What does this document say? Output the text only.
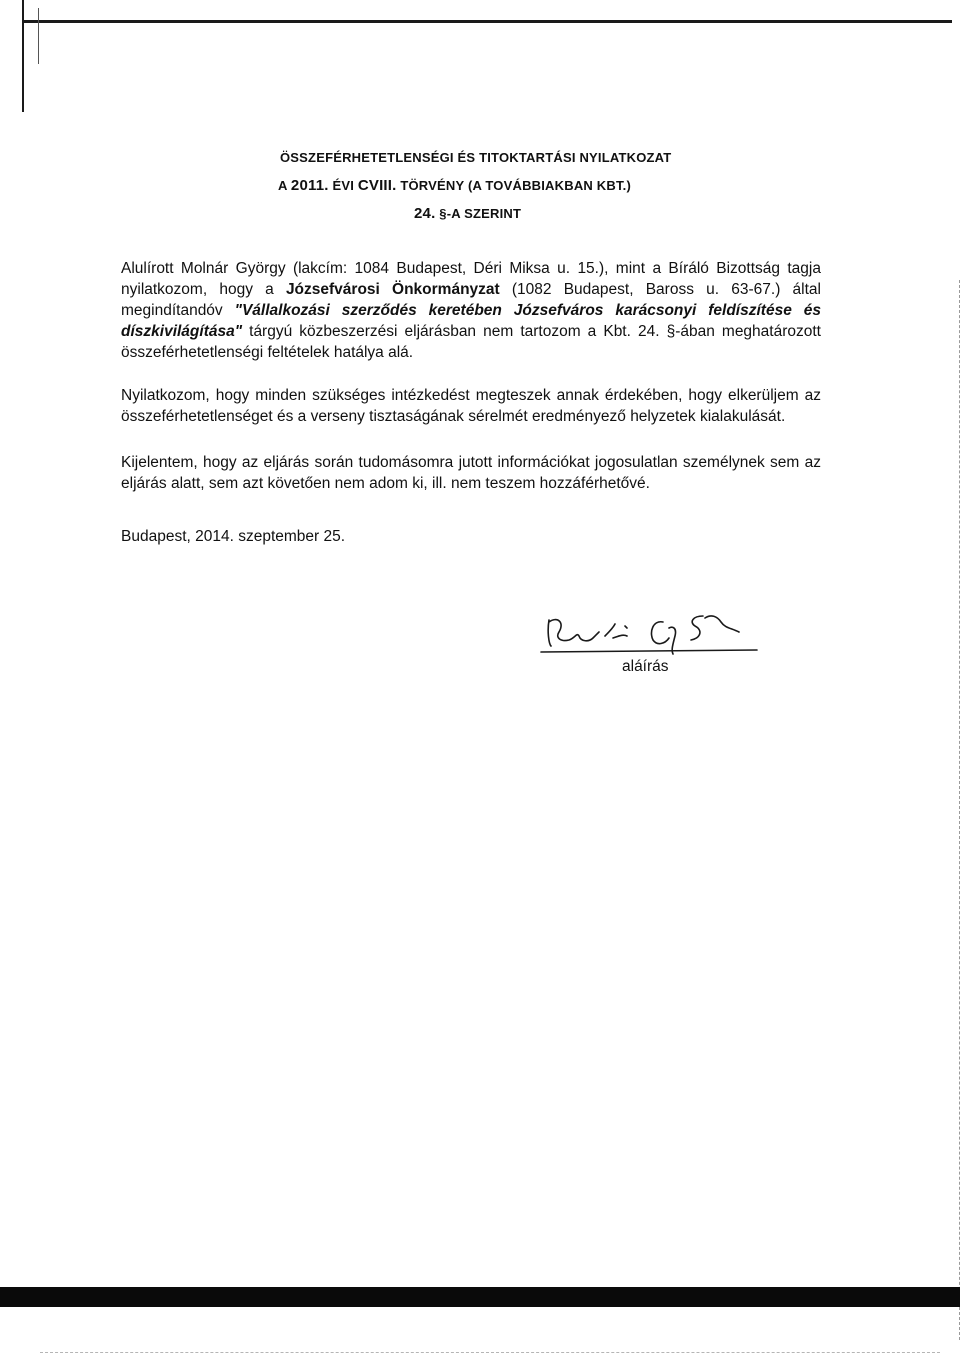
ÖSSZEFÉRHETETLENSÉGI ÉS TITOKTARTÁSI NYILATKOZAT
A 2011. ÉVI CVIII. TÖRVÉNY (A TOVÁBBIAKBAN KBT.)
24. §-A SZERINT
Alulírott Molnár György (lakcím: 1084 Budapest, Déri Miksa u. 15.), mint a Bíráló Bizottság tagja nyilatkozom, hogy a Józsefvárosi Önkormányzat (1082 Budapest, Baross u. 63-67.) által megindítandóv "Vállalkozási szerződés keretében Józsefváros karácsonyi feldíszítése és díszkivilágítása" tárgyú közbeszerzési eljárásban nem tartozom a Kbt. 24. §-ában meghatározott összeférhetetlenségi feltételek hatálya alá.
Nyilatkozom, hogy minden szükséges intézkedést megteszek annak érdekében, hogy elkerüljem az összeférhetetlenséget és a verseny tisztaságának sérelmét eredményező helyzetek kialakulását.
Kijelentem, hogy az eljárás során tudomásomra jutott információkat jogosulatlan személynek sem az eljárás alatt, sem azt követően nem adom ki, ill. nem teszem hozzáférhetővé.
Budapest, 2014. szeptember 25.
aláírás
